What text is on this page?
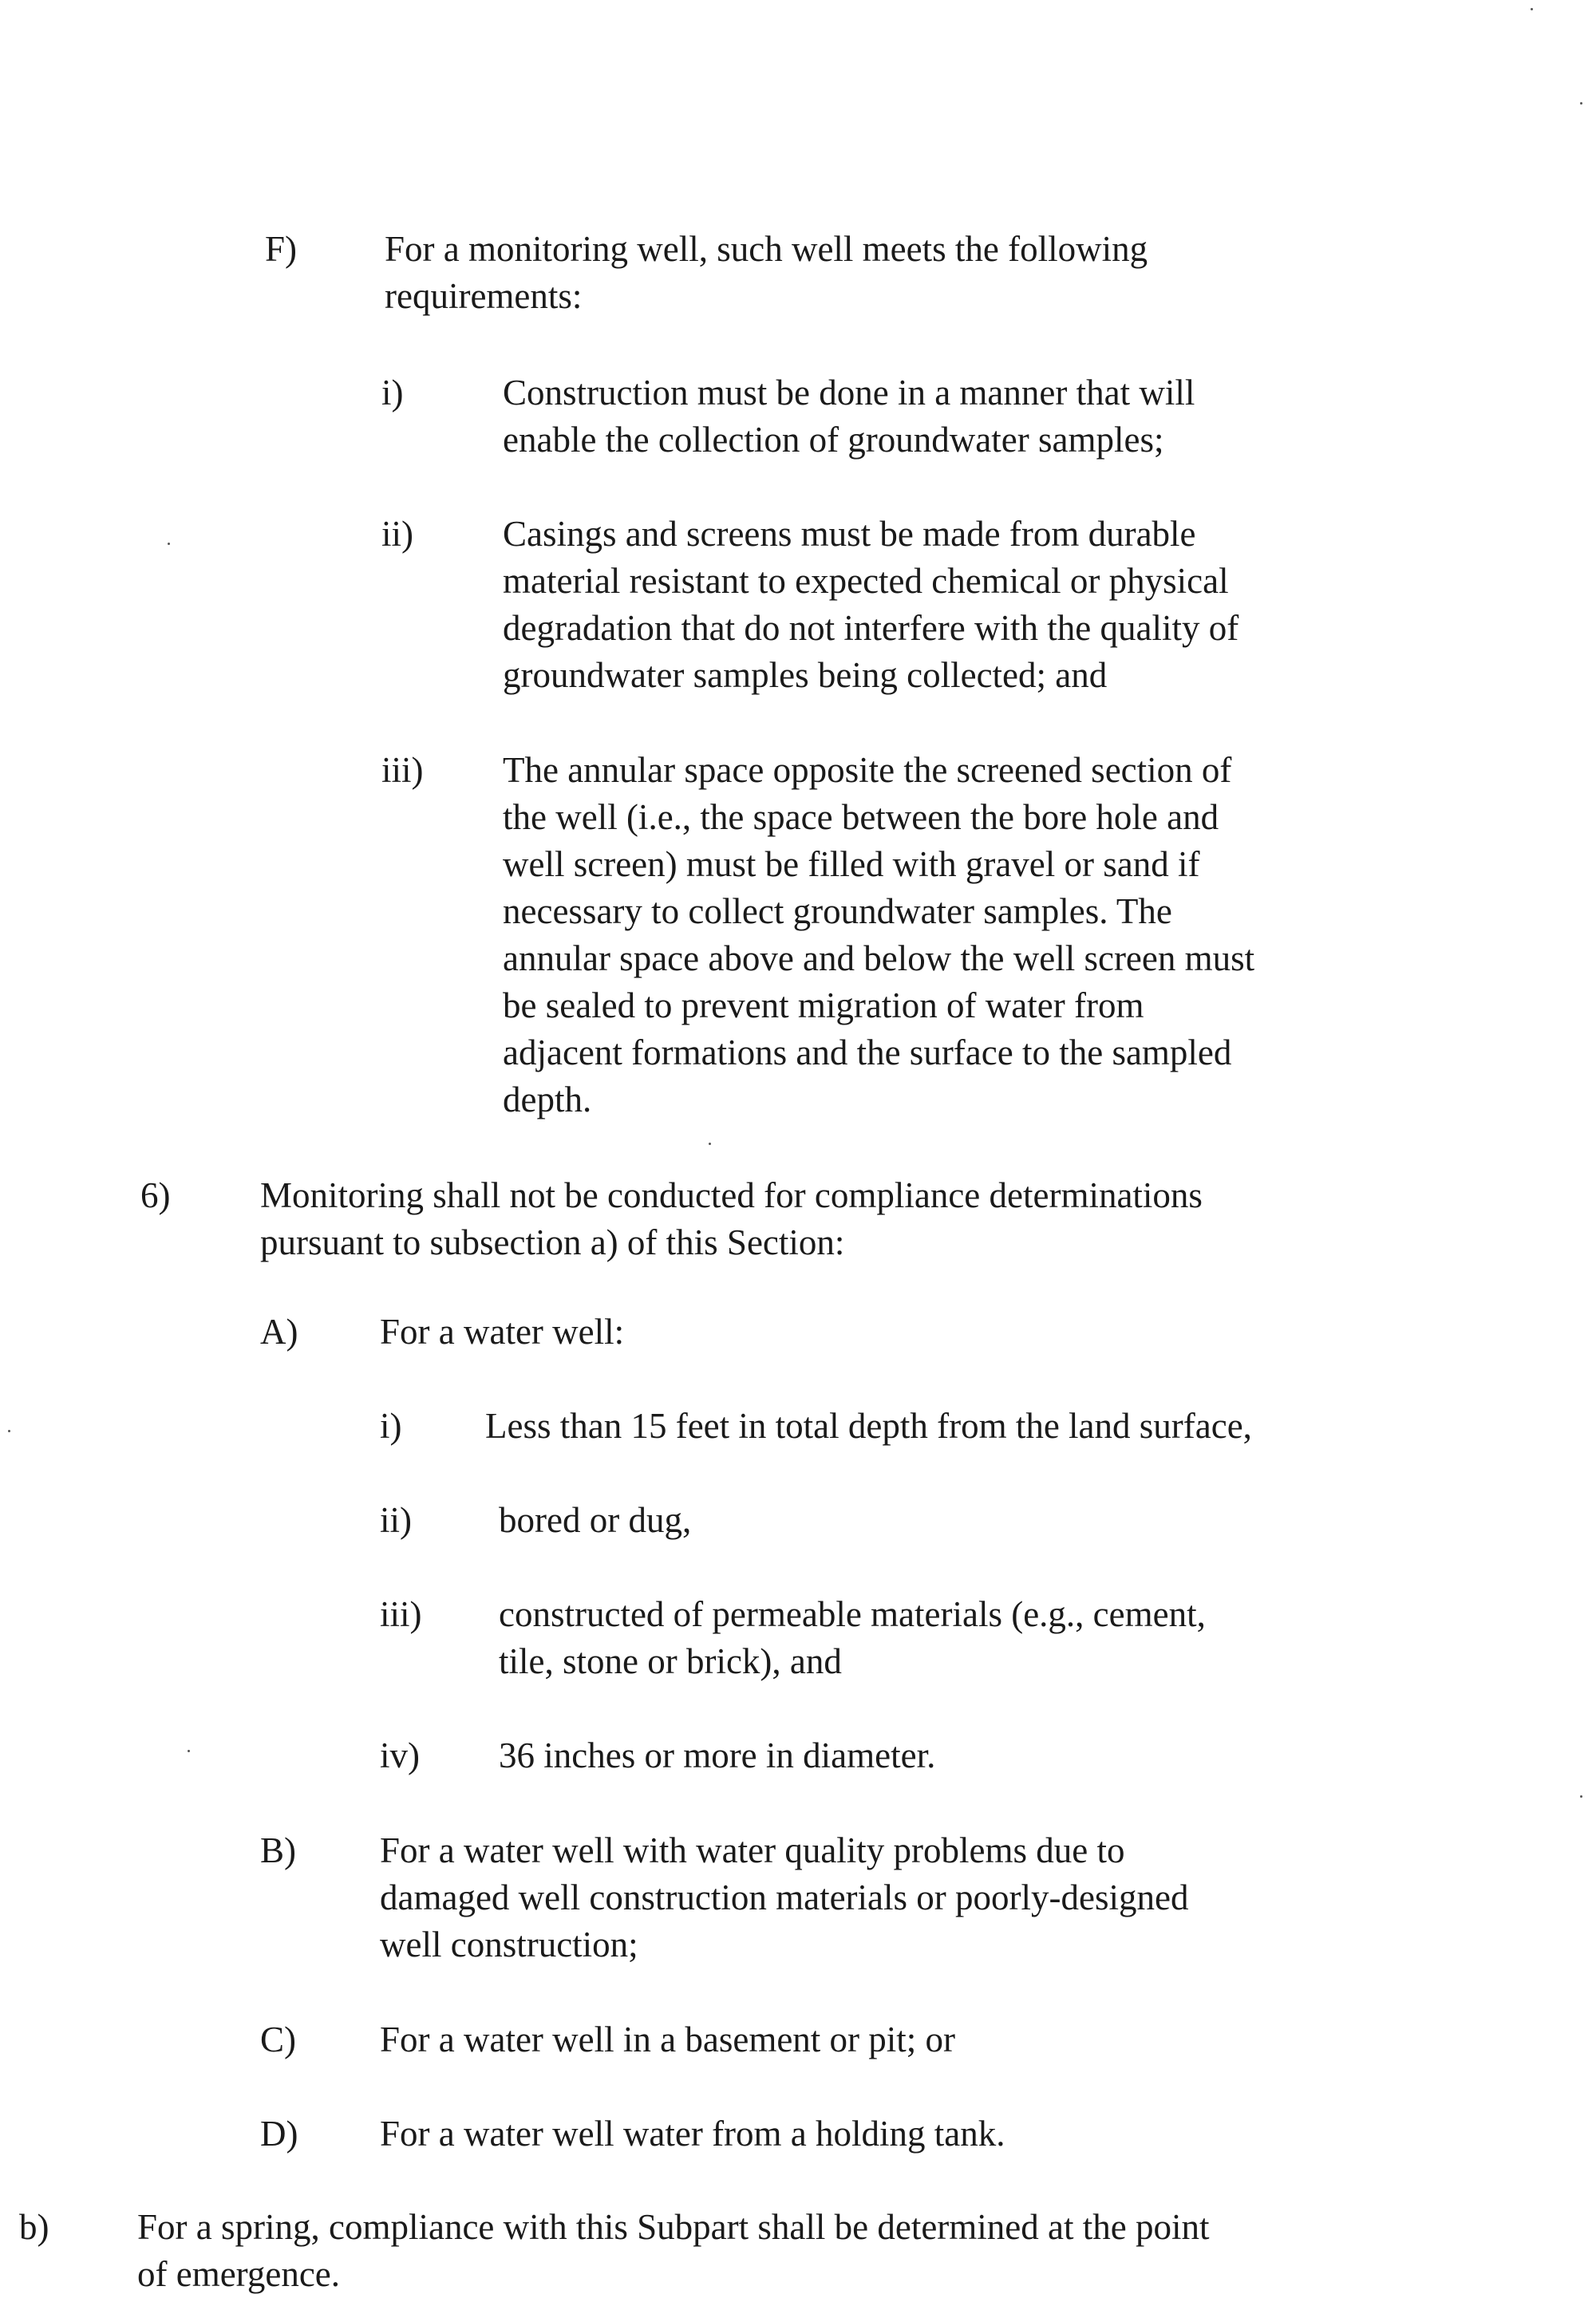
F) For a monitoring well, such well meets the following
requirements:
i)	Construction must be done in a manner that will
enable the collection of groundwater samples;
ii) Casings and screens must be made from durable
material resistant to expected chemical or physical
degradation that do not interfere with the quality of
groundwater samples being collected; and
iii) The annular space opposite the screened section of
the well (i.e., the space between the bore hole and
well screen) must be filled with gravel or sand if
necessary to collect groundwater samples. The
annular space above and below the well screen must
be sealed to prevent migration of water from
adjacent formations and the surface to the sampled
depth.
6)	Monitoring shall not be conducted for compliance determinations
pursuant to subsection a) of this Section:
A) For a water well:
i) Less than 15 feet in total depth from the land surface,
ii) bored or dug,
iii) constructed of permeable materials (e.g., cement,
tile, stone or brick), and
iv) 36 inches or more in diameter.
B) For a water well with water quality problems due to
damaged well construction materials or poorly-designed
well construction;
C) For a water well in a basement or pit; or
D) For a water well water from a holding tank.
b) For a spring, compliance with this Subpart shall be determined at the point
of emergence.
